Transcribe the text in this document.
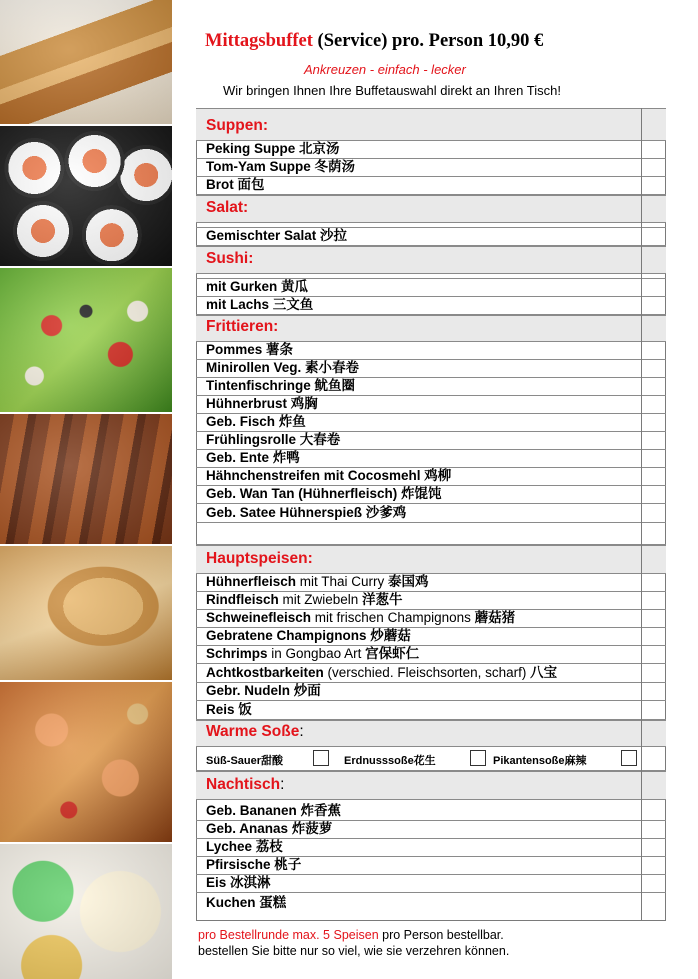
Mittagsbuffet (Service) pro. Person 10,90 €
Ankreuzen - einfach - lecker
Wir bringen Ihnen Ihre Buffetauswahl direkt an Ihren Tisch!
Suppen:
Peking Suppe 北京汤
Tom-Yam Suppe 冬荫汤
Brot 面包
Salat:
Gemischter Salat 沙拉
Sushi:
mit Gurken 黄瓜
mit Lachs 三文鱼
Frittieren:
Pommes 薯条
Minirollen Veg. 素小春卷
Tintenfischringe 鱿鱼圈
Hühnerbrust 鸡胸
Geb. Fisch 炸鱼
Frühlingsrolle 大春卷
Geb. Ente 炸鸭
Hähnchenstreifen mit Cocosmehl 鸡柳
Geb. Wan Tan (Hühnerfleisch) 炸馄饨
Geb. Satee Hühnerspieß 沙爹鸡
Hauptspeisen:
Hühnerfleisch mit Thai Curry 泰国鸡
Rindfleisch mit Zwiebeln 洋葱牛
Schweinefleisch mit frischen Champignons 蘑菇猪
Gebratene Champignons 炒蘑菇
Schrimps in Gongbao Art 宫保虾仁
Achtkostbarkeiten (verschied. Fleischsorten, scharf) 八宝
Gebr. Nudeln 炒面
Reis 饭
Warme Soße:
Süß-Sauer甜酸	Erdnusssoße花生	Pikantensoße麻辣
Nachtisch:
Geb. Bananen 炸香蕉
Geb. Ananas 炸菠萝
Lychee 荔枝
Pfirsische 桃子
Eis 冰淇淋
Kuchen 蛋糕
pro Bestellrunde max. 5 Speisen pro Person bestellbar.
bestellen Sie bitte nur so viel, wie sie verzehren können.
